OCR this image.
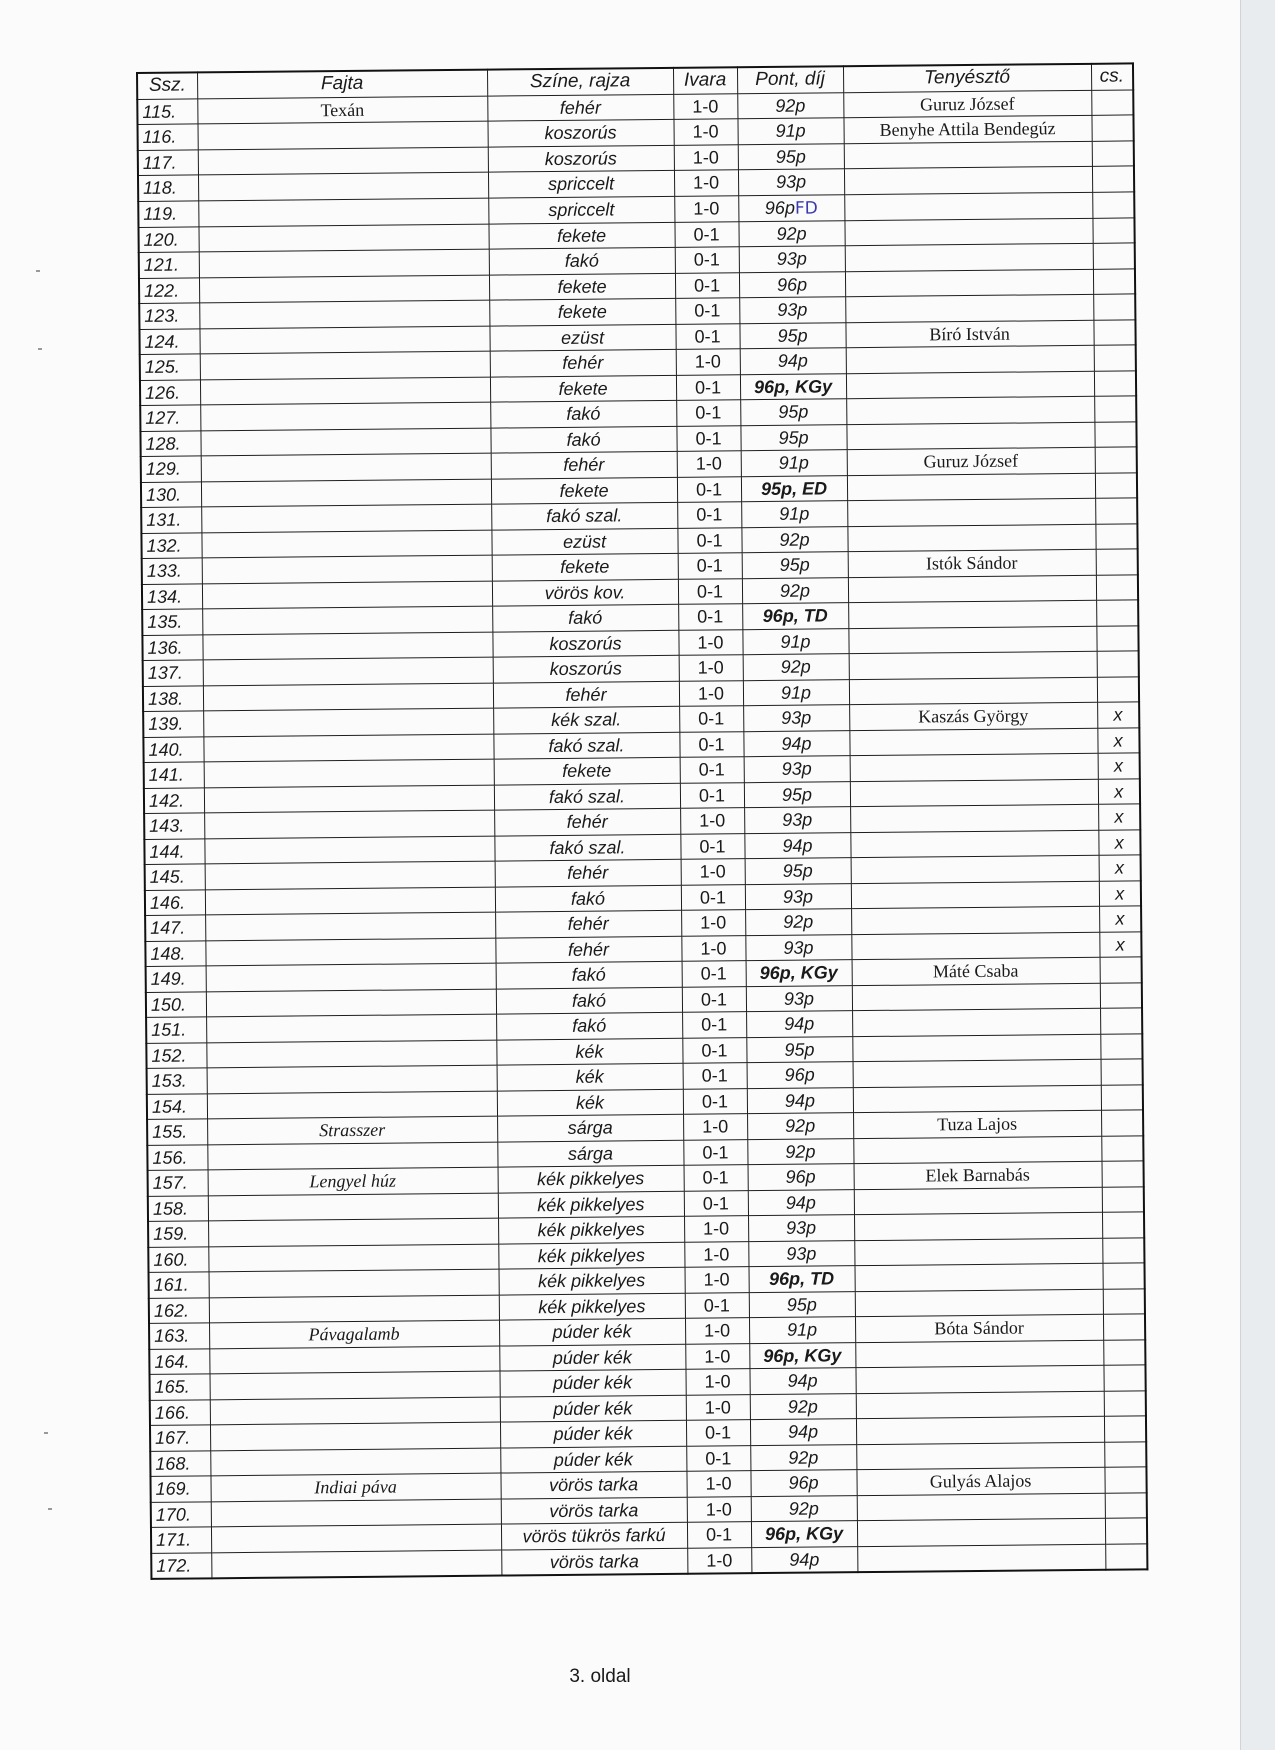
Ssz.	Fajta	Színe, rajza	Ivara	Pont, díj	Tenyésztő	cs.
115.	Texán	fehér	1-0	92p	Guruz József	
116.		koszorús	1-0	91p	Benyhe Attila Bendegúz	
117.		koszorús	1-0	95p		
118.		spriccelt	1-0	93p		
119.		spriccelt	1-0	96pFD		
120.		fekete	0-1	92p		
121.		fakó	0-1	93p		
122.		fekete	0-1	96p		
123.		fekete	0-1	93p		
124.		ezüst	0-1	95p	Bíró István	
125.		fehér	1-0	94p		
126.		fekete	0-1	96p, KGy		
127.		fakó	0-1	95p		
128.		fakó	0-1	95p		
129.		fehér	1-0	91p	Guruz József	
130.		fekete	0-1	95p, ED		
131.		fakó szal.	0-1	91p		
132.		ezüst	0-1	92p		
133.		fekete	0-1	95p	Istók Sándor	
134.		vörös kov.	0-1	92p		
135.		fakó	0-1	96p, TD		
136.		koszorús	1-0	91p		
137.		koszorús	1-0	92p		
138.		fehér	1-0	91p		
139.		kék szal.	0-1	93p	Kaszás György	x
140.		fakó szal.	0-1	94p		x
141.		fekete	0-1	93p		x
142.		fakó szal.	0-1	95p		x
143.		fehér	1-0	93p		x
144.		fakó szal.	0-1	94p		x
145.		fehér	1-0	95p		x
146.		fakó	0-1	93p		x
147.		fehér	1-0	92p		x
148.		fehér	1-0	93p		x
149.		fakó	0-1	96p, KGy	Máté Csaba	
150.		fakó	0-1	93p		
151.		fakó	0-1	94p		
152.		kék	0-1	95p		
153.		kék	0-1	96p		
154.		kék	0-1	94p		
155.	Strasszer	sárga	1-0	92p	Tuza Lajos	
156.		sárga	0-1	92p		
157.	Lengyel húz	kék pikkelyes	0-1	96p	Elek Barnabás	
158.		kék pikkelyes	0-1	94p		
159.		kék pikkelyes	1-0	93p		
160.		kék pikkelyes	1-0	93p		
161.		kék pikkelyes	1-0	96p, TD		
162.		kék pikkelyes	0-1	95p		
163.	Pávagalamb	púder kék	1-0	91p	Bóta Sándor	
164.		púder kék	1-0	96p, KGy		
165.		púder kék	1-0	94p		
166.		púder kék	1-0	92p		
167.		púder kék	0-1	94p		
168.		púder kék	0-1	92p		
169.	Indiai páva	vörös tarka	1-0	96p	Gulyás Alajos	
170.		vörös tarka	1-0	92p		
171.		vörös tükrös farkú	0-1	96p, KGy		
172.		vörös tarka	1-0	94p		
3. oldal
